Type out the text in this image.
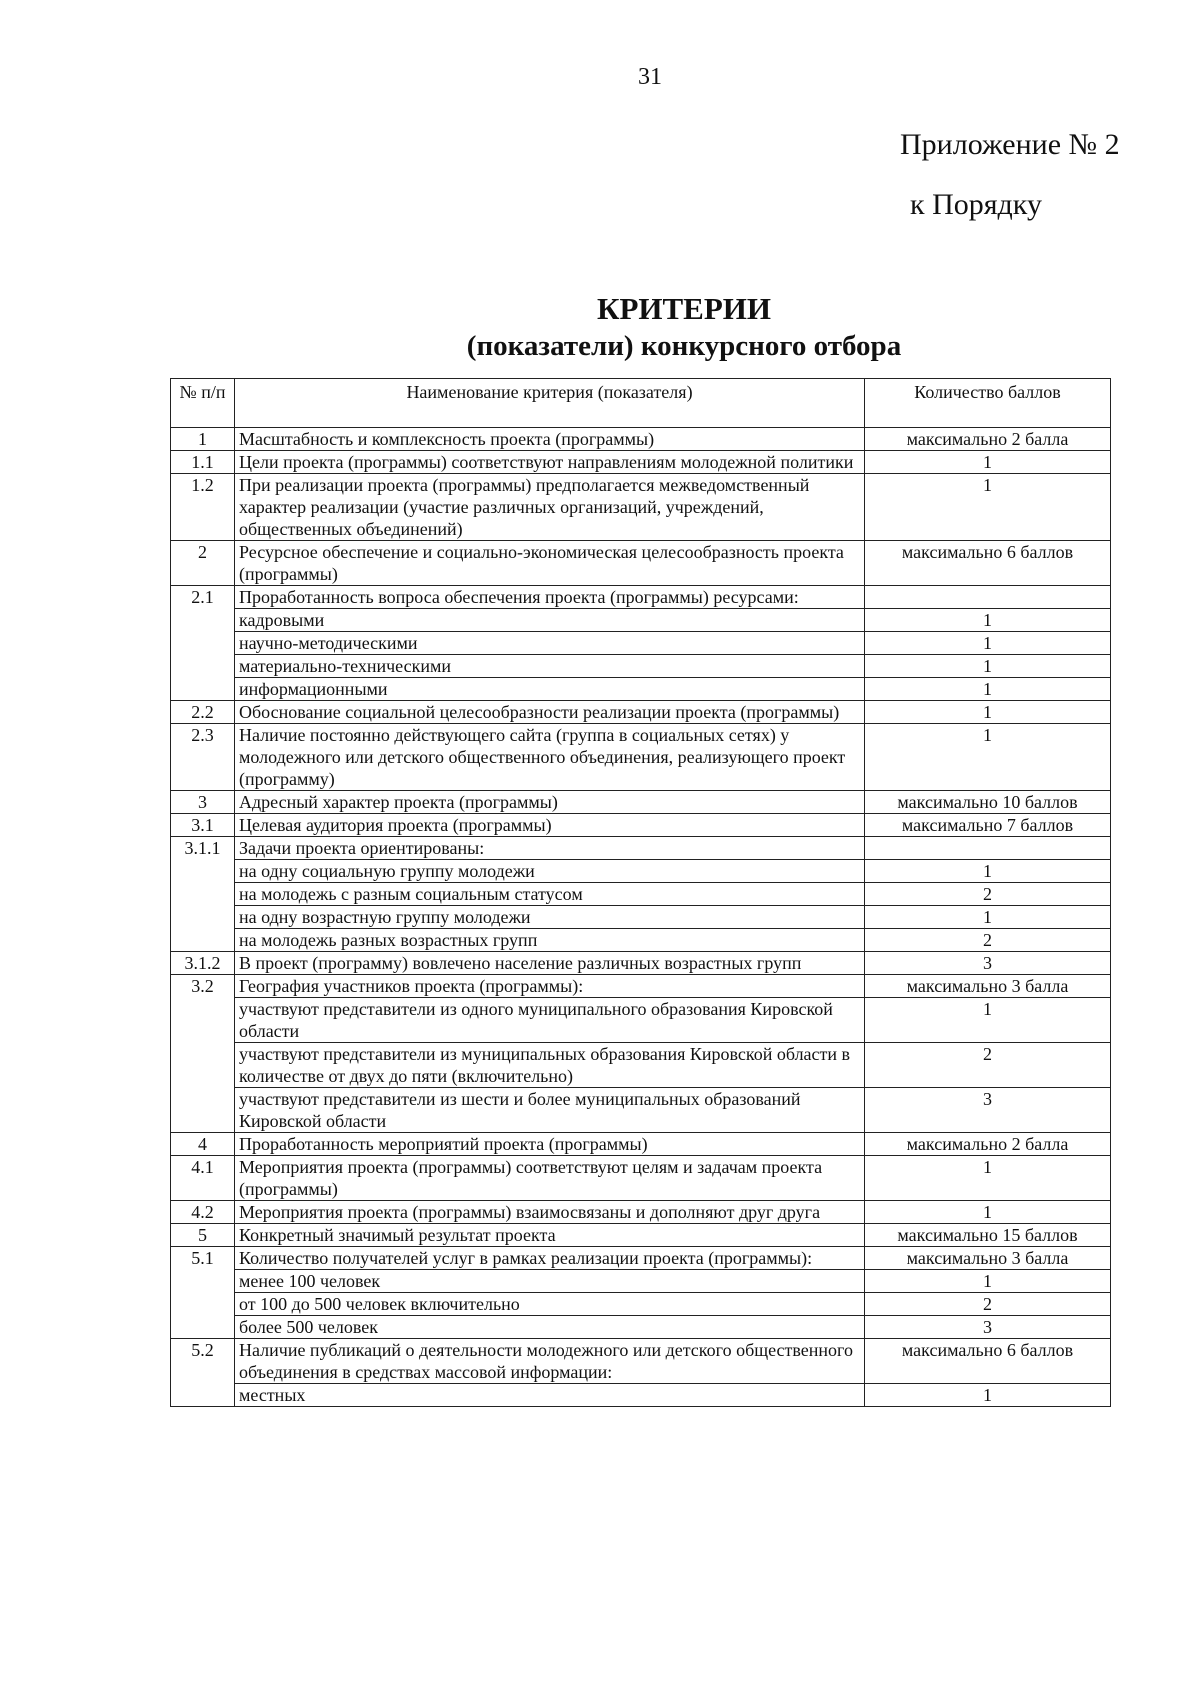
31
Приложение № 2
к Порядку

КРИТЕРИИ

(показатели) конкурсного отбора

№ п/п	Наименование критерия (показателя)	Количество баллов
1	Масштабность и комплексность проекта (программы)	максимально 2 балла
1.1	Цели проекта (программы) соответствуют направлениям молодежной политики	1
1.2	При реализации проекта (программы) предполагается межведомственный характер реализации (участие различных организаций, учреждений, общественных объединений)	1
2	Ресурсное обеспечение и социально-экономическая целесообразность проекта (программы)	максимально 6 баллов
2.1	Проработанность вопроса обеспечения проекта (программы) ресурсами:	
	кадровыми	1
	научно-методическими	1
	материально-техническими	1
	информационными	1
2.2	Обоснование социальной целесообразности реализации проекта (программы)	1
2.3	Наличие постоянно действующего сайта (группа в социальных сетях) у молодежного или детского общественного объединения, реализующего проект (программу)	1
3	Адресный характер проекта (программы)	максимально 10 баллов
3.1	Целевая аудитория проекта (программы)	максимально 7 баллов
3.1.1	Задачи проекта ориентированы:	
	на одну социальную группу молодежи	1
	на молодежь с разным социальным статусом	2
	на одну возрастную группу молодежи	1
	на молодежь разных возрастных групп	2
3.1.2	В проект (программу) вовлечено население различных возрастных групп	3
3.2	География участников проекта (программы):	максимально 3 балла
	участвуют представители из одного муниципального образования Кировской области	1
	участвуют представители из муниципальных образования Кировской области в количестве от двух до пяти (включительно)	2
	участвуют представители из шести и более муниципальных образований Кировской области	3
4	Проработанность мероприятий проекта (программы)	максимально 2 балла
4.1	Мероприятия проекта (программы) соответствуют целям и задачам проекта (программы)	1
4.2	Мероприятия проекта (программы) взаимосвязаны и дополняют друг друга	1
5	Конкретный значимый результат проекта	максимально 15 баллов
5.1	Количество получателей услуг в рамках реализации проекта (программы):	максимально 3 балла
	менее 100 человек	1
	от 100 до 500 человек включительно	2
	более 500 человек	3
5.2	Наличие публикаций о деятельности молодежного или детского общественного объединения в средствах массовой информации:	максимально 6 баллов
	местных	1
